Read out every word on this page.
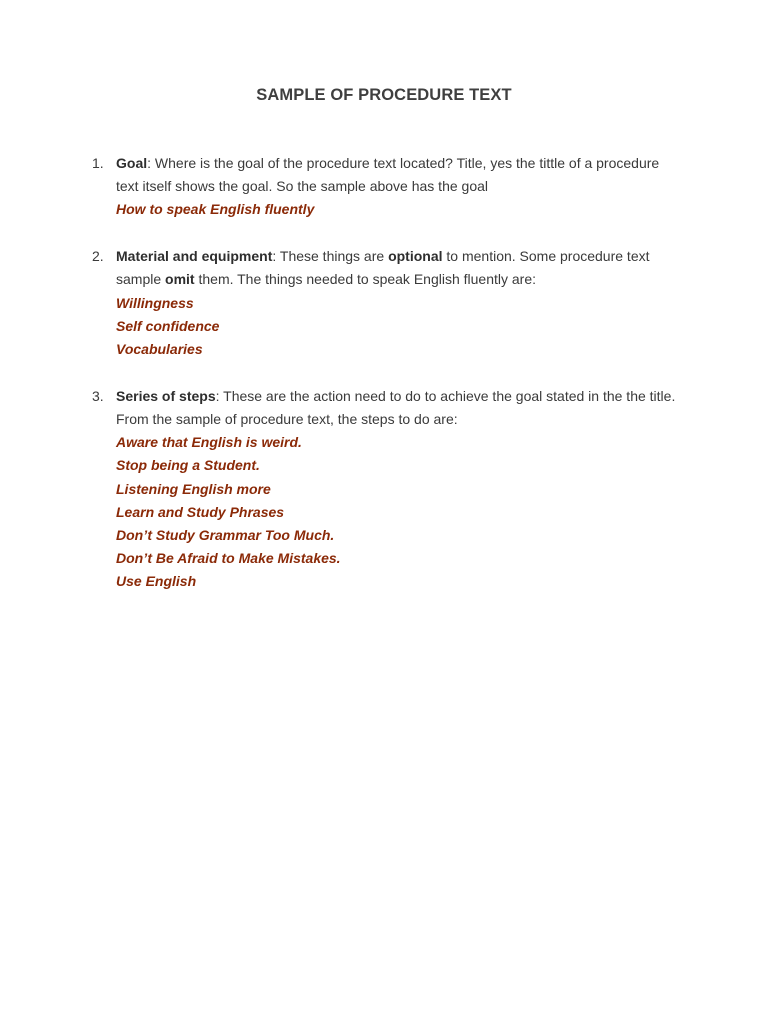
SAMPLE OF PROCEDURE TEXT
1. Goal: Where is the goal of the procedure text located? Title, yes the tittle of a procedure text itself shows the goal. So the sample above has the goal
How to speak English fluently
2. Material and equipment: These things are optional to mention. Some procedure text sample omit them. The things needed to speak English fluently are:
Willingness
Self confidence
Vocabularies
3. Series of steps: These are the action need to do to achieve the goal stated in the the title. From the sample of procedure text, the steps to do are:
Aware that English is weird.
Stop being a Student.
Listening English more
Learn and Study Phrases
Don’t Study Grammar Too Much.
Don’t Be Afraid to Make Mistakes.
Use English
